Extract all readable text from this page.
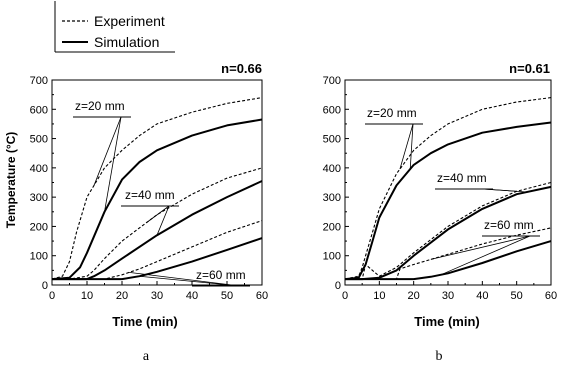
Experiment
Simulation
n=0.66
Temperature (°C)
Time (min)
a
0 10 20 30 40 50 60
0
100
200
300
400
500
600
700
z=20 mm
z=40 mm
z=60 mm
n=0.61
Time (min)
b
0 10 20 30 40 50 60
0
100
200
300
400
500
600
700
z=20 mm
z=40 mm
z=60 mm
